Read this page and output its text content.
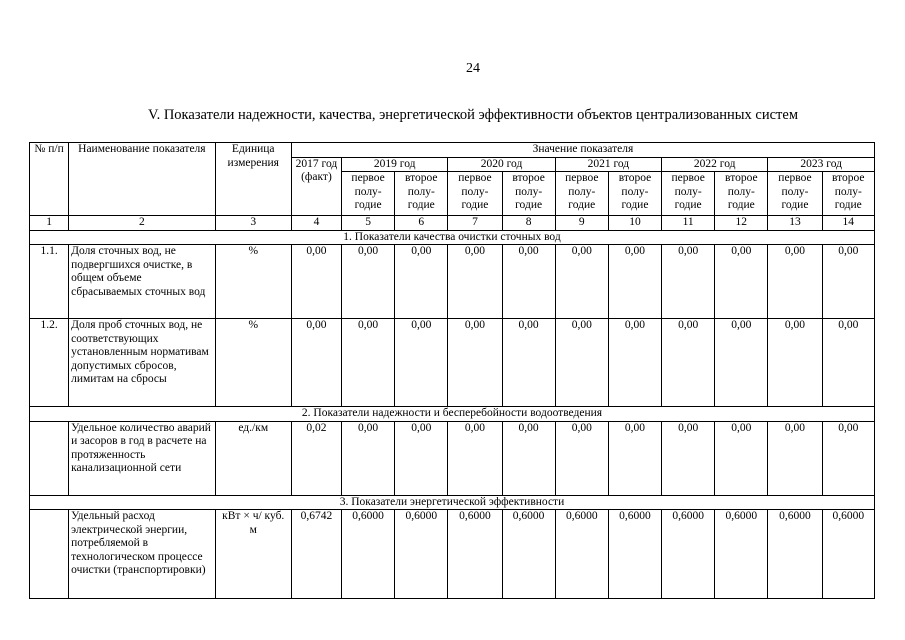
24
V. Показатели надежности, качества, энергетической эффективности объектов централизованных систем
№ п/п	Наименование показателя	Единица измерения	Значение показателя										
			2017 год (факт)	2019 год		2020 год		2021 год		2022 год		2023 год	
				первое полу-годие	второе полу-годие	первое полу-годие	второе полу-годие	первое полу-годие	второе полу-годие	первое полу-годие	второе полу-годие	первое полу-годие	второе полу-годие
1	2	3	4	5	6	7	8	9	10	11	12	13	14
1. Показатели качества очистки сточных вод													
1.1.	Доля сточных вод, не подвергшихся очистке, в общем объеме сбрасываемых сточных вод	%	0,00	0,00	0,00	0,00	0,00	0,00	0,00	0,00	0,00	0,00	0,00
1.2.	Доля проб сточных вод, не соответствующих установленным нормативам допустимых сбросов, лимитам на сбросы	%	0,00	0,00	0,00	0,00	0,00	0,00	0,00	0,00	0,00	0,00	0,00
2. Показатели надежности и бесперебойности водоотведения													
	Удельное количество аварий и засоров в год в расчете на протяженность канализационной сети	ед./км	0,02	0,00	0,00	0,00	0,00	0,00	0,00	0,00	0,00	0,00	0,00
3. Показатели энергетической эффективности													
	Удельный расход электрической энергии, потребляемой в технологическом процессе очистки (транспортировки)	кВт × ч/ куб. м	0,6742	0,6000	0,6000	0,6000	0,6000	0,6000	0,6000	0,6000	0,6000	0,6000	0,6000
